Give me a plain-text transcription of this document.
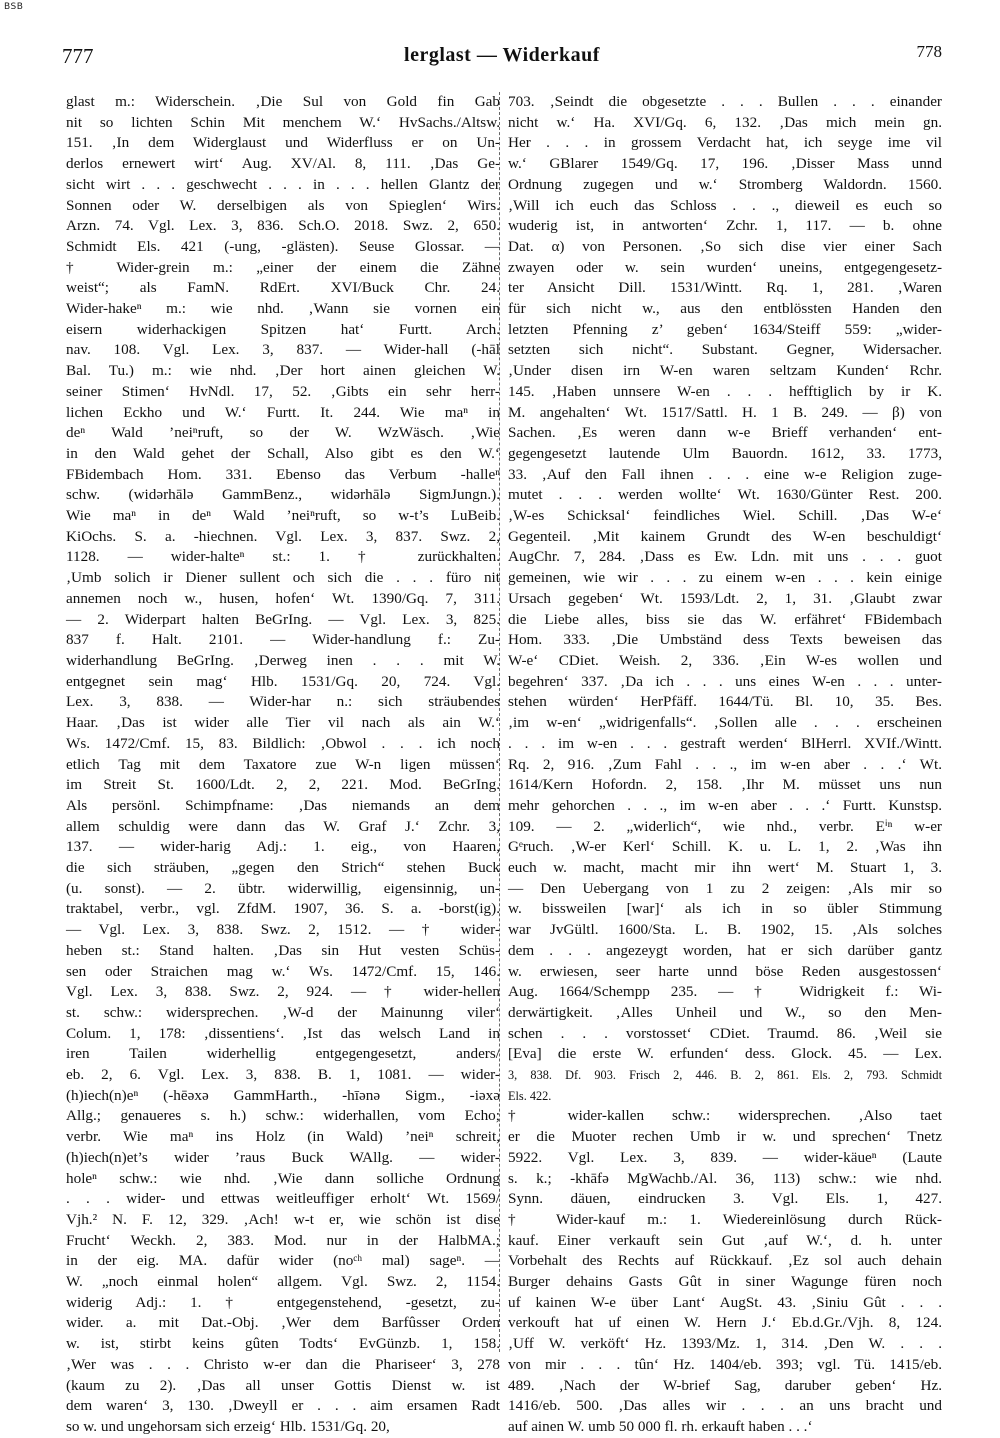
BSB
777	lerglast — Widerkauf	778
glast m.: Widerschein. ‚Die Sul von Gold fin Gab
nit so lichten Schin Mit menchem W.‘ HvSachs./Altsw.
151. ‚In dem Widerglaust und Widerfluss er on Un-
derlos ernewert wirt‘ Aug. XV/Al. 8, 111. ‚Das Ge-
sicht wirt . . . geschwecht . . . in . . . hellen Glantz der
Sonnen oder W. derselbigen als von Spieglen‘ Wirs.
Arzn. 74. Vgl. Lex. 3, 836. Sch.O. 2018. Swz. 2, 650.
Schmidt Els. 421 (-ung, -glästen). Seuse Glossar. —
† Wider-grein m.: „einer der einem die Zähne
weist“; als FamN. RdErt. XVI/Buck Chr. 24.
Wider-hakeⁿ m.: wie nhd. ‚Wann sie vornen ein
eisern widerhackigen Spitzen hat‘ Furtt. Arch.
nav. 108. Vgl. Lex. 3, 837. — Wider-hall (-hāl
Bal. Tu.) m.: wie nhd. ‚Der hort ainen gleichen W.
seiner Stimen‘ HvNdl. 17, 52. ‚Gibts ein sehr herr-
lichen Eckho und W.‘ Furtt. It. 244. Wie maⁿ in
deⁿ Wald ’neiⁿruft, so der W. WzWäsch. ‚Wie
in den Wald gehet der Schall, Also gibt es den W.‘
FBidembach Hom. 331. Ebenso das Verbum -halleⁿ
schw. (widərhālə GammBenz., widərhālə SigmJungn.).
Wie maⁿ in deⁿ Wald ’neiⁿruft, so w-t’s LuBeib.
KiOchs. S. a. -hiechnen. Vgl. Lex. 3, 837. Swz. 2,
1128. — wider-halteⁿ st.: 1. † zurückhalten.
‚Umb solich ir Diener sullent och sich die . . . füro nit
annemen noch w., husen, hofen‘ Wt. 1390/Gq. 7, 311.
— 2. Widerpart halten BeGrIng. — Vgl. Lex. 3, 825.
837 f. Halt. 2101. — Wider-handlung f.: Zu-
widerhandlung BeGrIng. ‚Derweg inen . . . mit W.
entgegnet sein mag‘ Hlb. 1531/Gq. 20, 724. Vgl.
Lex. 3, 838. — Wider-har n.: sich sträubendes
Haar. ‚Das ist wider alle Tier vil nach als ain W.‘
Ws. 1472/Cmf. 15, 83. Bildlich: ‚Obwol . . . ich noch
etlich Tag mit dem Taxatore zue W-n ligen müssen‘
im Streit St. 1600/Ldt. 2, 2, 221. Mod. BeGrIng.
Als persönl. Schimpfname: ‚Das niemands an dem
allem schuldig were dann das W. Graf J.‘ Zchr. 3,
137. — wider-harig Adj.: 1. eig., von Haaren,
die sich sträuben, „gegen den Strich“ stehen Buck
(u. sonst). — 2. übtr. widerwillig, eigensinnig, un-
traktabel, verbr., vgl. ZfdM. 1907, 36. S. a. -borst(ig).
— Vgl. Lex. 3, 838. Swz. 2, 1512. — † wider-
heben st.: Stand halten. ‚Das sin Hut vesten Schüs-
sen oder Straichen mag w.‘ Ws. 1472/Cmf. 15, 146.
Vgl. Lex. 3, 838. Swz. 2, 924. — † wider-hellen
st. schw.: widersprechen. ‚W-d der Mainunng viler‘
Colum. 1, 178: ‚dissentiens‘. ‚Ist das welsch Land in
iren Tailen widerhellig entgegengesetzt, anders/
eb. 2, 6. Vgl. Lex. 3, 838. B. 1, 1081. — wider-
(h)iech(n)eⁿ (-hēəxə GammHarth., -hīənə Sigm., -iəxə
Allg.; genaueres s. h.) schw.: widerhallen, vom Echo;
verbr. Wie maⁿ ins Holz (in Wald) ’neiⁿ schreit,
(h)iech(n)et’s wider ’raus Buck WAllg. — wider-
holeⁿ schw.: wie nhd. ‚Wie dann solliche Ordnung
. . . wider- und ettwas weitleuffiger erholt‘ Wt. 1569/
Vjh.² N. F. 12, 329. ‚Ach! w-t er, wie schön ist dise
Frucht‘ Weckh. 2, 383. Mod. nur in der HalbMA.;
in der eig. MA. dafür wider (noᶜʰ mal) sageⁿ. —
W. „noch einmal holen“ allgem. Vgl. Swz. 2, 1154.
widerig Adj.: 1. † entgegenstehend, -gesetzt, zu-
wider. a. mit Dat.-Obj. ‚Wer dem Barfûsser Orden
w. ist, stirbt keins gûten Todts‘ EvGünzb. 1, 158.
‚Wer was . . . Christo w-er dan die Phariseer‘ 3, 278
(kaum zu 2). ‚Das all unser Gottis Dienst w. ist
dem waren‘ 3, 130. ‚Dweyll er . . . aim ersamen Radt
so w. und ungehorsam sich erzeig‘ Hlb. 1531/Gq. 20,
703. ‚Seindt die obgesetzte . . . Bullen . . . einander
nicht w.‘ Ha. XVI/Gq. 6, 132. ‚Das mich mein gn.
Her . . . in grossem Verdacht hat, ich seyge ime vil
w.‘ GBlarer 1549/Gq. 17, 196. ‚Disser Mass unnd
Ordnung zugegen und w.‘ Stromberg Waldordn. 1560.
‚Will ich euch das Schloss . . ., dieweil es euch so
wuderig ist, in antworten‘ Zchr. 1, 117. — b. ohne
Dat. α) von Personen. ‚So sich dise vier einer Sach
zwayen oder w. sein wurden‘ uneins, entgegengesetz-
ter Ansicht Dill. 1531/Wintt. Rq. 1, 281. ‚Waren
für sich nicht w., aus den entblössten Handen den
letzten Pfenning z’ geben‘ 1634/Steiff 559: „wider-
setzten sich nicht“. Substant. Gegner, Widersacher.
‚Under disen irn W-en waren seltzam Kunden‘ Rchr.
145. ‚Haben unnsere W-en . . . hefftiglich by ir K.
M. angehalten‘ Wt. 1517/Sattl. H. 1 B. 249. — β) von
Sachen. ‚Es weren dann w-e Brieff verhanden‘ ent-
gegengesetzt lautende Ulm Bauordn. 1612, 33. 1773,
33. ‚Auf den Fall ihnen . . . eine w-e Religion zuge-
mutet . . . werden wollte‘ Wt. 1630/Günter Rest. 200.
‚W-es Schicksal‘ feindliches Wiel. Schill. ‚Das W-e‘
Gegenteil. ‚Mit kainem Grundt des W-en beschuldigt‘
AugChr. 7, 284. ‚Dass es Ew. Ldn. mit uns . . . guot
gemeinen, wie wir . . . zu einem w-en . . . kein einige
Ursach gegeben‘ Wt. 1593/Ldt. 2, 1, 31. ‚Glaubt zwar
die Liebe alles, biss sie das W. erfähret‘ FBidembach
Hom. 333. ‚Die Umbständ dess Texts beweisen das
W-e‘ CDiet. Weish. 2, 336. ‚Ein W-es wollen und
begehren‘ 337. ‚Da ich . . . uns eines W-en . . . unter-
stehen würden‘ HerPfäff. 1644/Tü. Bl. 10, 35. Bes.
‚im w-en‘ „widrigenfalls“. ‚Sollen alle . . . erscheinen
. . . im w-en . . . gestraft werden‘ BlHerrl. XVIf./Wintt.
Rq. 2, 916. ‚Zum Fahl . . ., im w-en aber . . .‘ Wt.
1614/Kern Hofordn. 2, 158. ‚Ihr M. müsset uns nun
mehr gehorchen . . ., im w-en aber . . .‘ Furtt. Kunstsp.
109. — 2. „widerlich“, wie nhd., verbr. Eⁱⁿ w-er
Gᵉruch. ‚W-er Kerl‘ Schill. K. u. L. 1, 2. ‚Was ihn
euch w. macht, macht mir ihn wert‘ M. Stuart 1, 3.
— Den Uebergang von 1 zu 2 zeigen: ‚Als mir so
w. bissweilen [war]‘ als ich in so übler Stimmung
war JvGültl. 1600/Sta. L. B. 1902, 15. ‚Als solches
dem . . . angezeygt worden, hat er sich darüber gantz
w. erwiesen, seer harte unnd böse Reden ausgestossen‘
Aug. 1664/Schempp 235. — † Widrigkeit f.: Wi-
derwärtigkeit. ‚Alles Unheil und W., so den Men-
schen . . . vorstosset‘ CDiet. Traumd. 86. ‚Weil sie
[Eva] die erste W. erfunden‘ dess. Glock. 45. — Lex.
3, 838. Df. 903. Frisch 2, 446. B. 2, 861. Els. 2, 793. Schmidt
Els. 422.
† wider-kallen schw.: widersprechen. ‚Also taet
er die Muoter rechen Umb ir w. und sprechen‘ Tnetz
5922. Vgl. Lex. 3, 839. — wider-käueⁿ (Laute
s. k.; -khāfə MgWachb./Al. 36, 113) schw.: wie nhd.
Synn. däuen, eindrucken 3. Vgl. Els. 1, 427.
† Wider-kauf m.: 1. Wiedereinlösung durch Rück-
kauf. Einer verkauft sein Gut ‚auf W.‘, d. h. unter
Vorbehalt des Rechts auf Rückkauf. ‚Ez sol auch dehain
Burger dehains Gasts Gût in siner Wagunge füren noch
uf kainen W-e über Lant‘ AugSt. 43. ‚Siniu Gût . . .
verkouft hat uf einen W. Hern J.‘ Eb.d.Gr./Vjh. 8, 124.
‚Uff W. verköft‘ Hz. 1393/Mz. 1, 314. ‚Den W. . . .
von mir . . . tûn‘ Hz. 1404/eb. 393; vgl. Tü. 1415/eb.
489. ‚Nach der W-brief Sag, daruber geben‘ Hz.
1416/eb. 500. ‚Das alles wir . . . an uns bracht und
auf ainen W. umb 50 000 fl. rh. erkauft haben . . .‘
